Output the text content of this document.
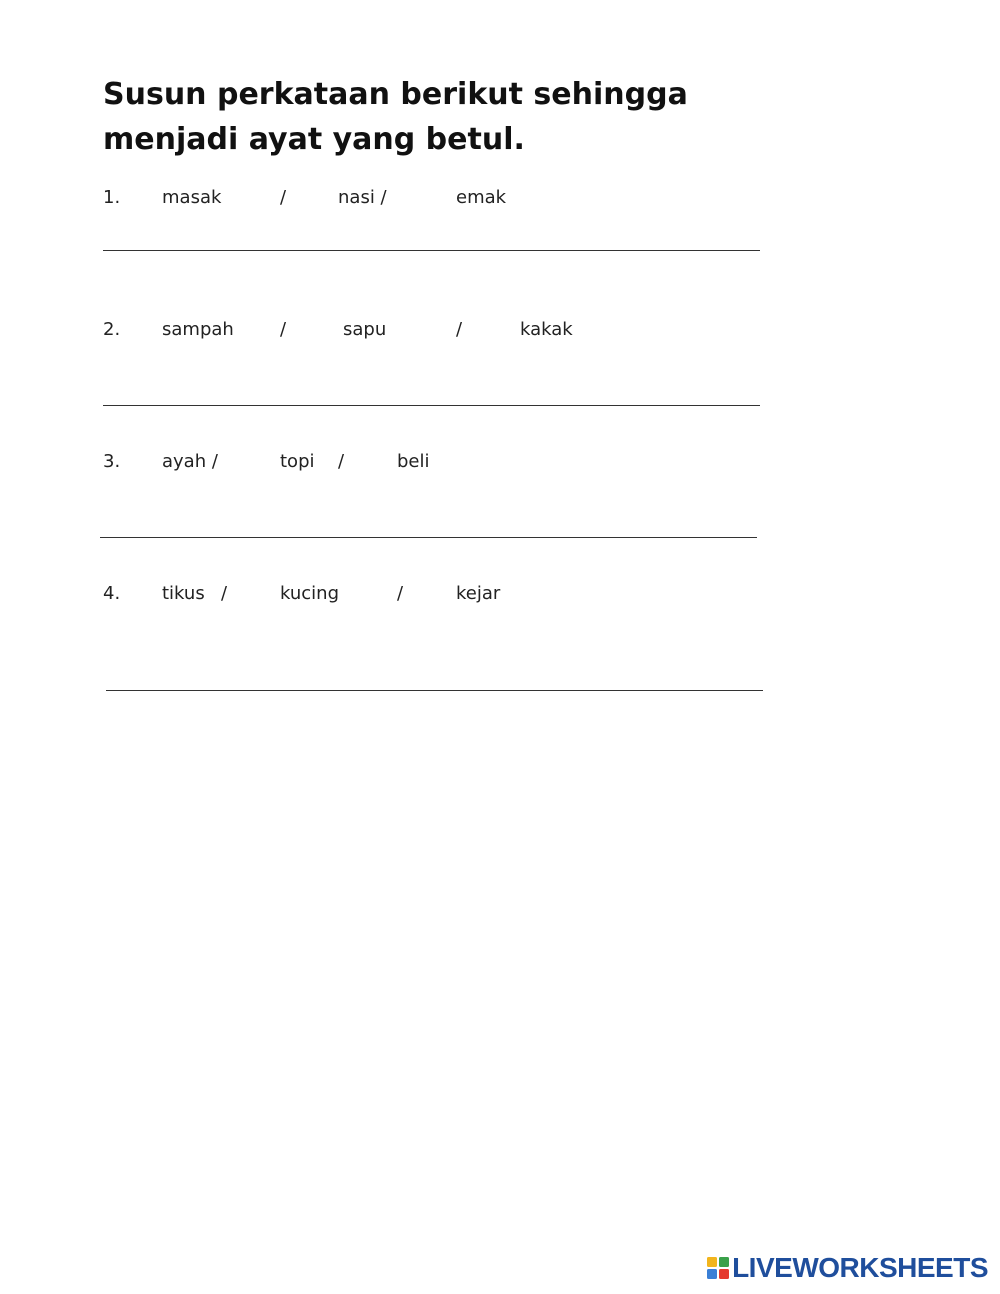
Susun perkataan berikut sehingga menjadi ayat yang betul.
1. masak	/	nasi /	emak
2. sampah	/	sapu	/	kakak
3. ayah /	topi /	beli
4. tikus /	kucing	/	kejar
LIVEWORKSHEETS
